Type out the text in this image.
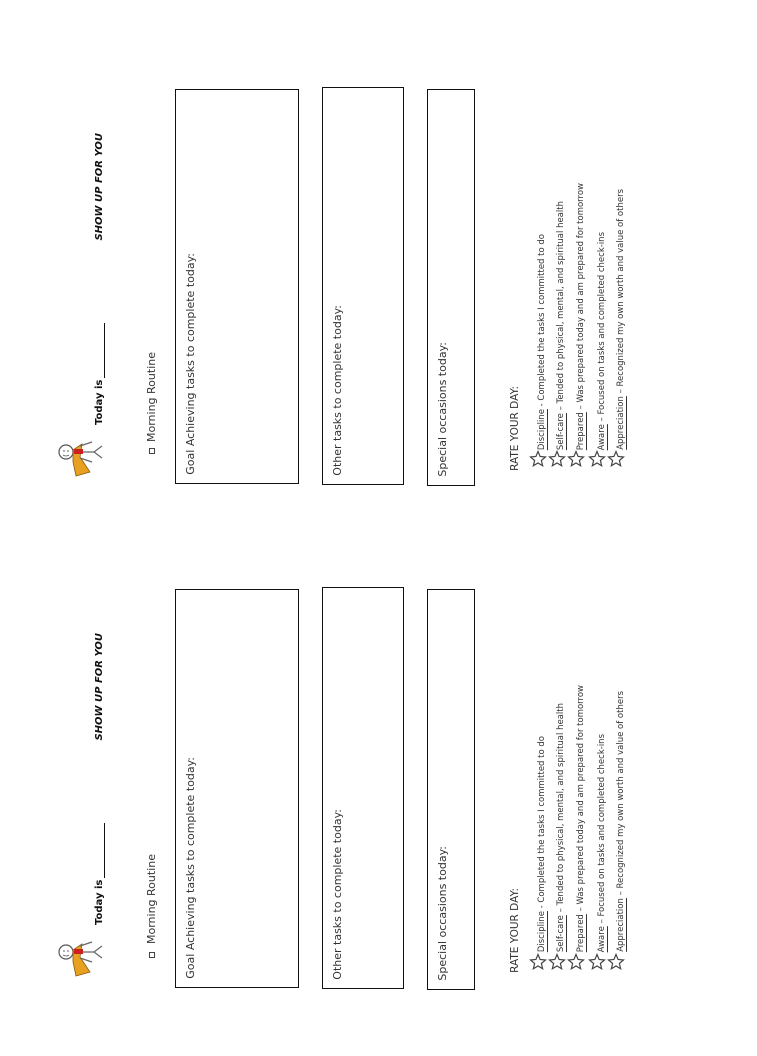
Today is
SHOW UP FOR YOU
Morning Routine Goal Achieving tasks to complete today:	Other tasks to complete today:	Special occasions today:	RATE YOUR DAY: Discipline - Completed the tasks I committed to do
Self-care – Tended to physical, mental, and spiritual health
Prepared – Was prepared today and am prepared for tomorrow
Aware – Focused on tasks and completed check-ins
Appreciation – Recognized my own worth and value of others
Today is
SHOW UP FOR YOU
Morning Routine Goal Achieving tasks to complete today:	Other tasks to complete today:	Special occasions today:	RATE YOUR DAY: Discipline - Completed the tasks I committed to do
Self-care – Tended to physical, mental, and spiritual health
Prepared – Was prepared today and am prepared for tomorrow
Aware – Focused on tasks and completed check-ins
Appreciation – Recognized my own worth and value of others
